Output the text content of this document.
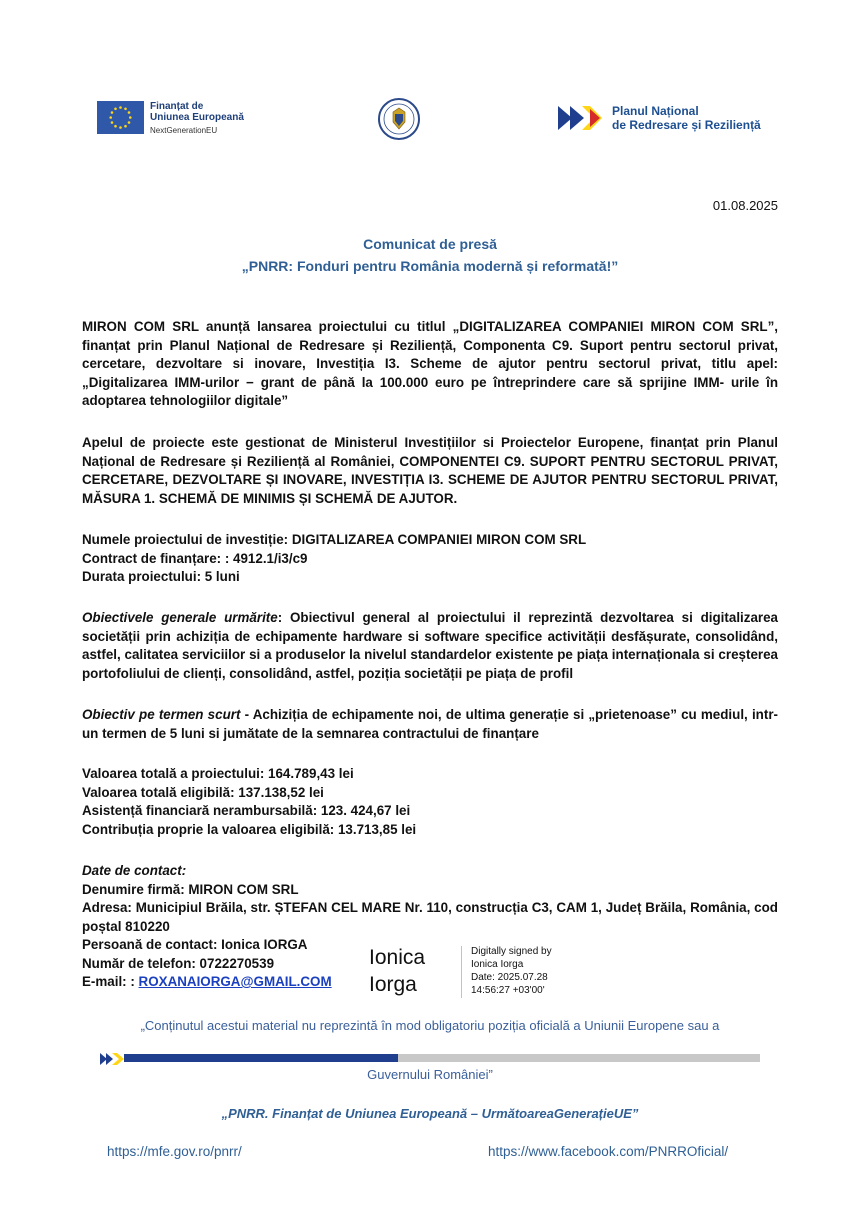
Finanțat de
Uniunea Europeană
NextGenerationEU
Planul Național
de Redresare și Reziliență
01.08.2025
Comunicat de presă
„PNRR: Fonduri pentru România modernă și reformată!”

MIRON COM SRL anunță lansarea proiectului cu titlul „DIGITALIZAREA COMPANIEI MIRON COM SRL”, finanțat prin Planul Național de Redresare și Reziliență, Componenta C9. Suport pentru sectorul privat, cercetare, dezvoltare si inovare, Investiția I3. Scheme de ajutor pentru sectorul privat, titlu apel: „Digitalizarea IMM-urilor − grant de până la 100.000 euro pe întreprindere care să sprijine IMM- urile în adoptarea tehnologiilor digitale”

Apelul de proiecte este gestionat de Ministerul Investițiilor si Proiectelor Europene, finanțat prin Planul Național de Redresare și Reziliență al României, COMPONENTEI C9. SUPORT PENTRU SECTORUL PRIVAT, CERCETARE, DEZVOLTARE ȘI INOVARE, INVESTIȚIA I3. SCHEME DE AJUTOR PENTRU SECTORUL PRIVAT, MĂSURA 1. SCHEMĂ DE MINIMIS ȘI SCHEMĂ DE AJUTOR.

Numele proiectului de investiție: DIGITALIZAREA COMPANIEI MIRON COM SRL
Contract de finanțare: : 4912.1/i3/c9
Durata proiectului: 5 luni

Obiectivele generale urmărite: Obiectivul general al proiectului il reprezintă dezvoltarea si digitalizarea societății prin achiziția de echipamente hardware si software specifice activității desfășurate, consolidând, astfel, calitatea serviciilor si a produselor la nivelul standardelor existente pe piața internaționala si creșterea portofoliului de clienți, consolidând, astfel, poziția societății pe piața de profil

Obiectiv pe termen scurt - Achiziția de echipamente noi, de ultima generație si „prietenoase” cu mediul, intr-un termen de 5 luni si jumătate de la semnarea contractului de finanțare

Valoarea totală a proiectului: 164.789,43 lei
Valoarea totală eligibilă: 137.138,52 lei
Asistență financiară nerambursabilă: 123. 424,67 lei
Contribuția proprie la valoarea eligibilă: 13.713,85 lei
Date de contact:
Denumire firmă: MIRON COM SRL

Adresa: Municipiul Brăila, str. ȘTEFAN CEL MARE Nr. 110, construcția C3, CAM 1, Județ Brăila, România, cod poștal 810220

Persoană de contact: Ionica IORGA
Număr de telefon: 0722270539
E-mail: : ROXANAIORGA@GMAIL.COM
Ionica
Iorga
Digitally signed by
Ionica Iorga
Date: 2025.07.28
14:56:27 +03'00'
„Conținutul acestui material nu reprezintă în mod obligatoriu poziția oficială a Uniunii Europene sau a
Guvernului României”
„PNRR. Finanțat de Uniunea Europeană – UrmătoareaGenerațieUE”
https://mfe.gov.ro/pnrr/	https://www.facebook.com/PNRROficial/
